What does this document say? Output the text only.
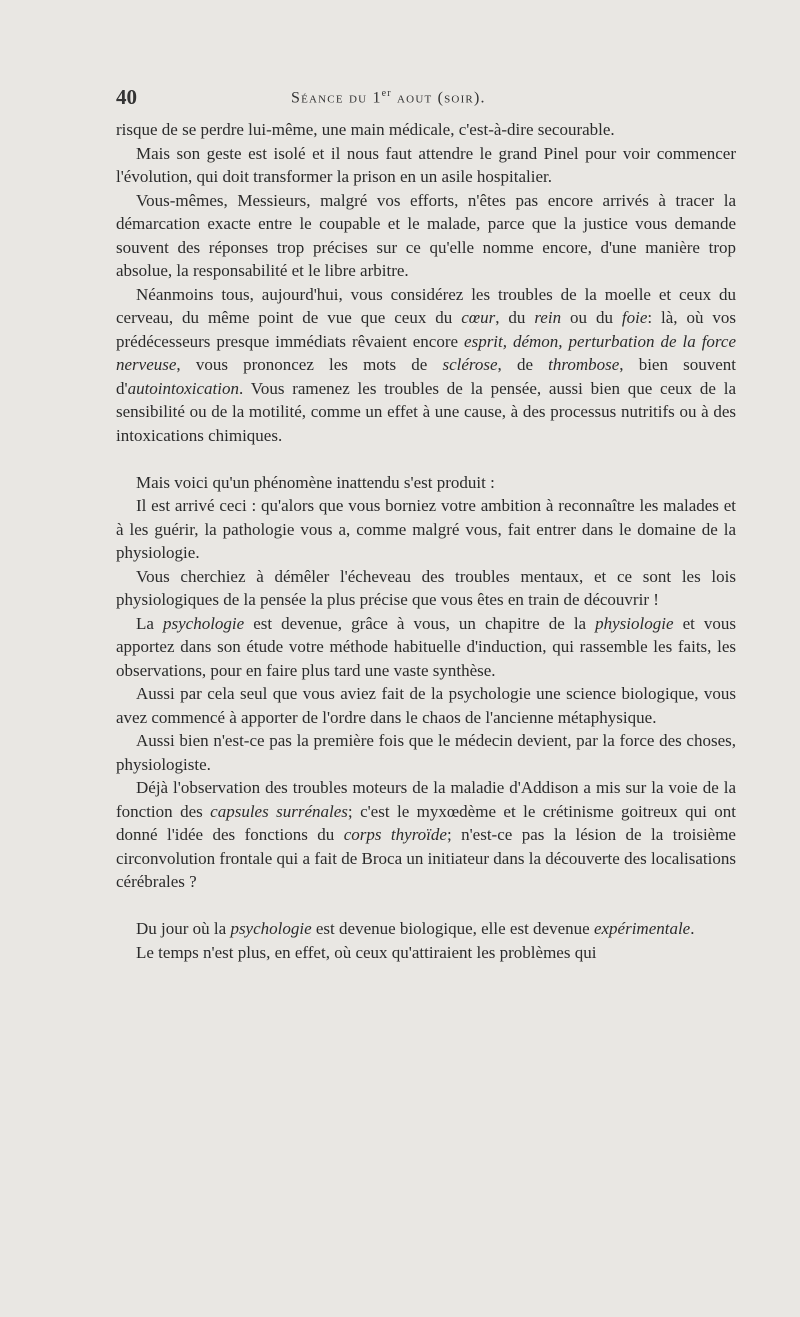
40	Séance du 1er aout (soir).

risque de se perdre lui-même, une main médicale, c'est-à-dire secourable.

Mais son geste est isolé et il nous faut attendre le grand Pinel pour voir commencer l'évolution, qui doit transformer la prison en un asile hospitalier.

Vous-mêmes, Messieurs, malgré vos efforts, n'êtes pas encore arrivés à tracer la démarcation exacte entre le coupable et le malade, parce que la justice vous demande souvent des réponses trop précises sur ce qu'elle nomme encore, d'une manière trop absolue, la responsabilité et le libre arbitre.

Néanmoins tous, aujourd'hui, vous considérez les troubles de la moelle et ceux du cerveau, du même point de vue que ceux du cœur, du rein ou du foie: là, où vos prédécesseurs presque immédiats rêvaient encore esprit, démon, perturbation de la force nerveuse, vous prononcez les mots de sclérose, de thrombose, bien souvent d'autointoxication. Vous ramenez les troubles de la pensée, aussi bien que ceux de la sensibilité ou de la motilité, comme un effet à une cause, à des processus nutritifs ou à des intoxications chimiques.

Mais voici qu'un phénomène inattendu s'est produit :

Il est arrivé ceci : qu'alors que vous borniez votre ambition à reconnaître les malades et à les guérir, la pathologie vous a, comme malgré vous, fait entrer dans le domaine de la physiologie.

Vous cherchiez à démêler l'écheveau des troubles mentaux, et ce sont les lois physiologiques de la pensée la plus précise que vous êtes en train de découvrir !

La psychologie est devenue, grâce à vous, un chapitre de la physiologie et vous apportez dans son étude votre méthode habituelle d'induction, qui rassemble les faits, les observations, pour en faire plus tard une vaste synthèse.

Aussi par cela seul que vous aviez fait de la psychologie une science biologique, vous avez commencé à apporter de l'ordre dans le chaos de l'ancienne métaphysique.

Aussi bien n'est-ce pas la première fois que le médecin devient, par la force des choses, physiologiste.

Déjà l'observation des troubles moteurs de la maladie d'Addison a mis sur la voie de la fonction des capsules surrénales; c'est le myxœdème et le crétinisme goitreux qui ont donné l'idée des fonctions du corps thyroïde; n'est-ce pas la lésion de la troisième circonvolution frontale qui a fait de Broca un initiateur dans la découverte des localisations cérébrales ?

Du jour où la psychologie est devenue biologique, elle est devenue expérimentale.

Le temps n'est plus, en effet, où ceux qu'attiraient les problèmes qui
